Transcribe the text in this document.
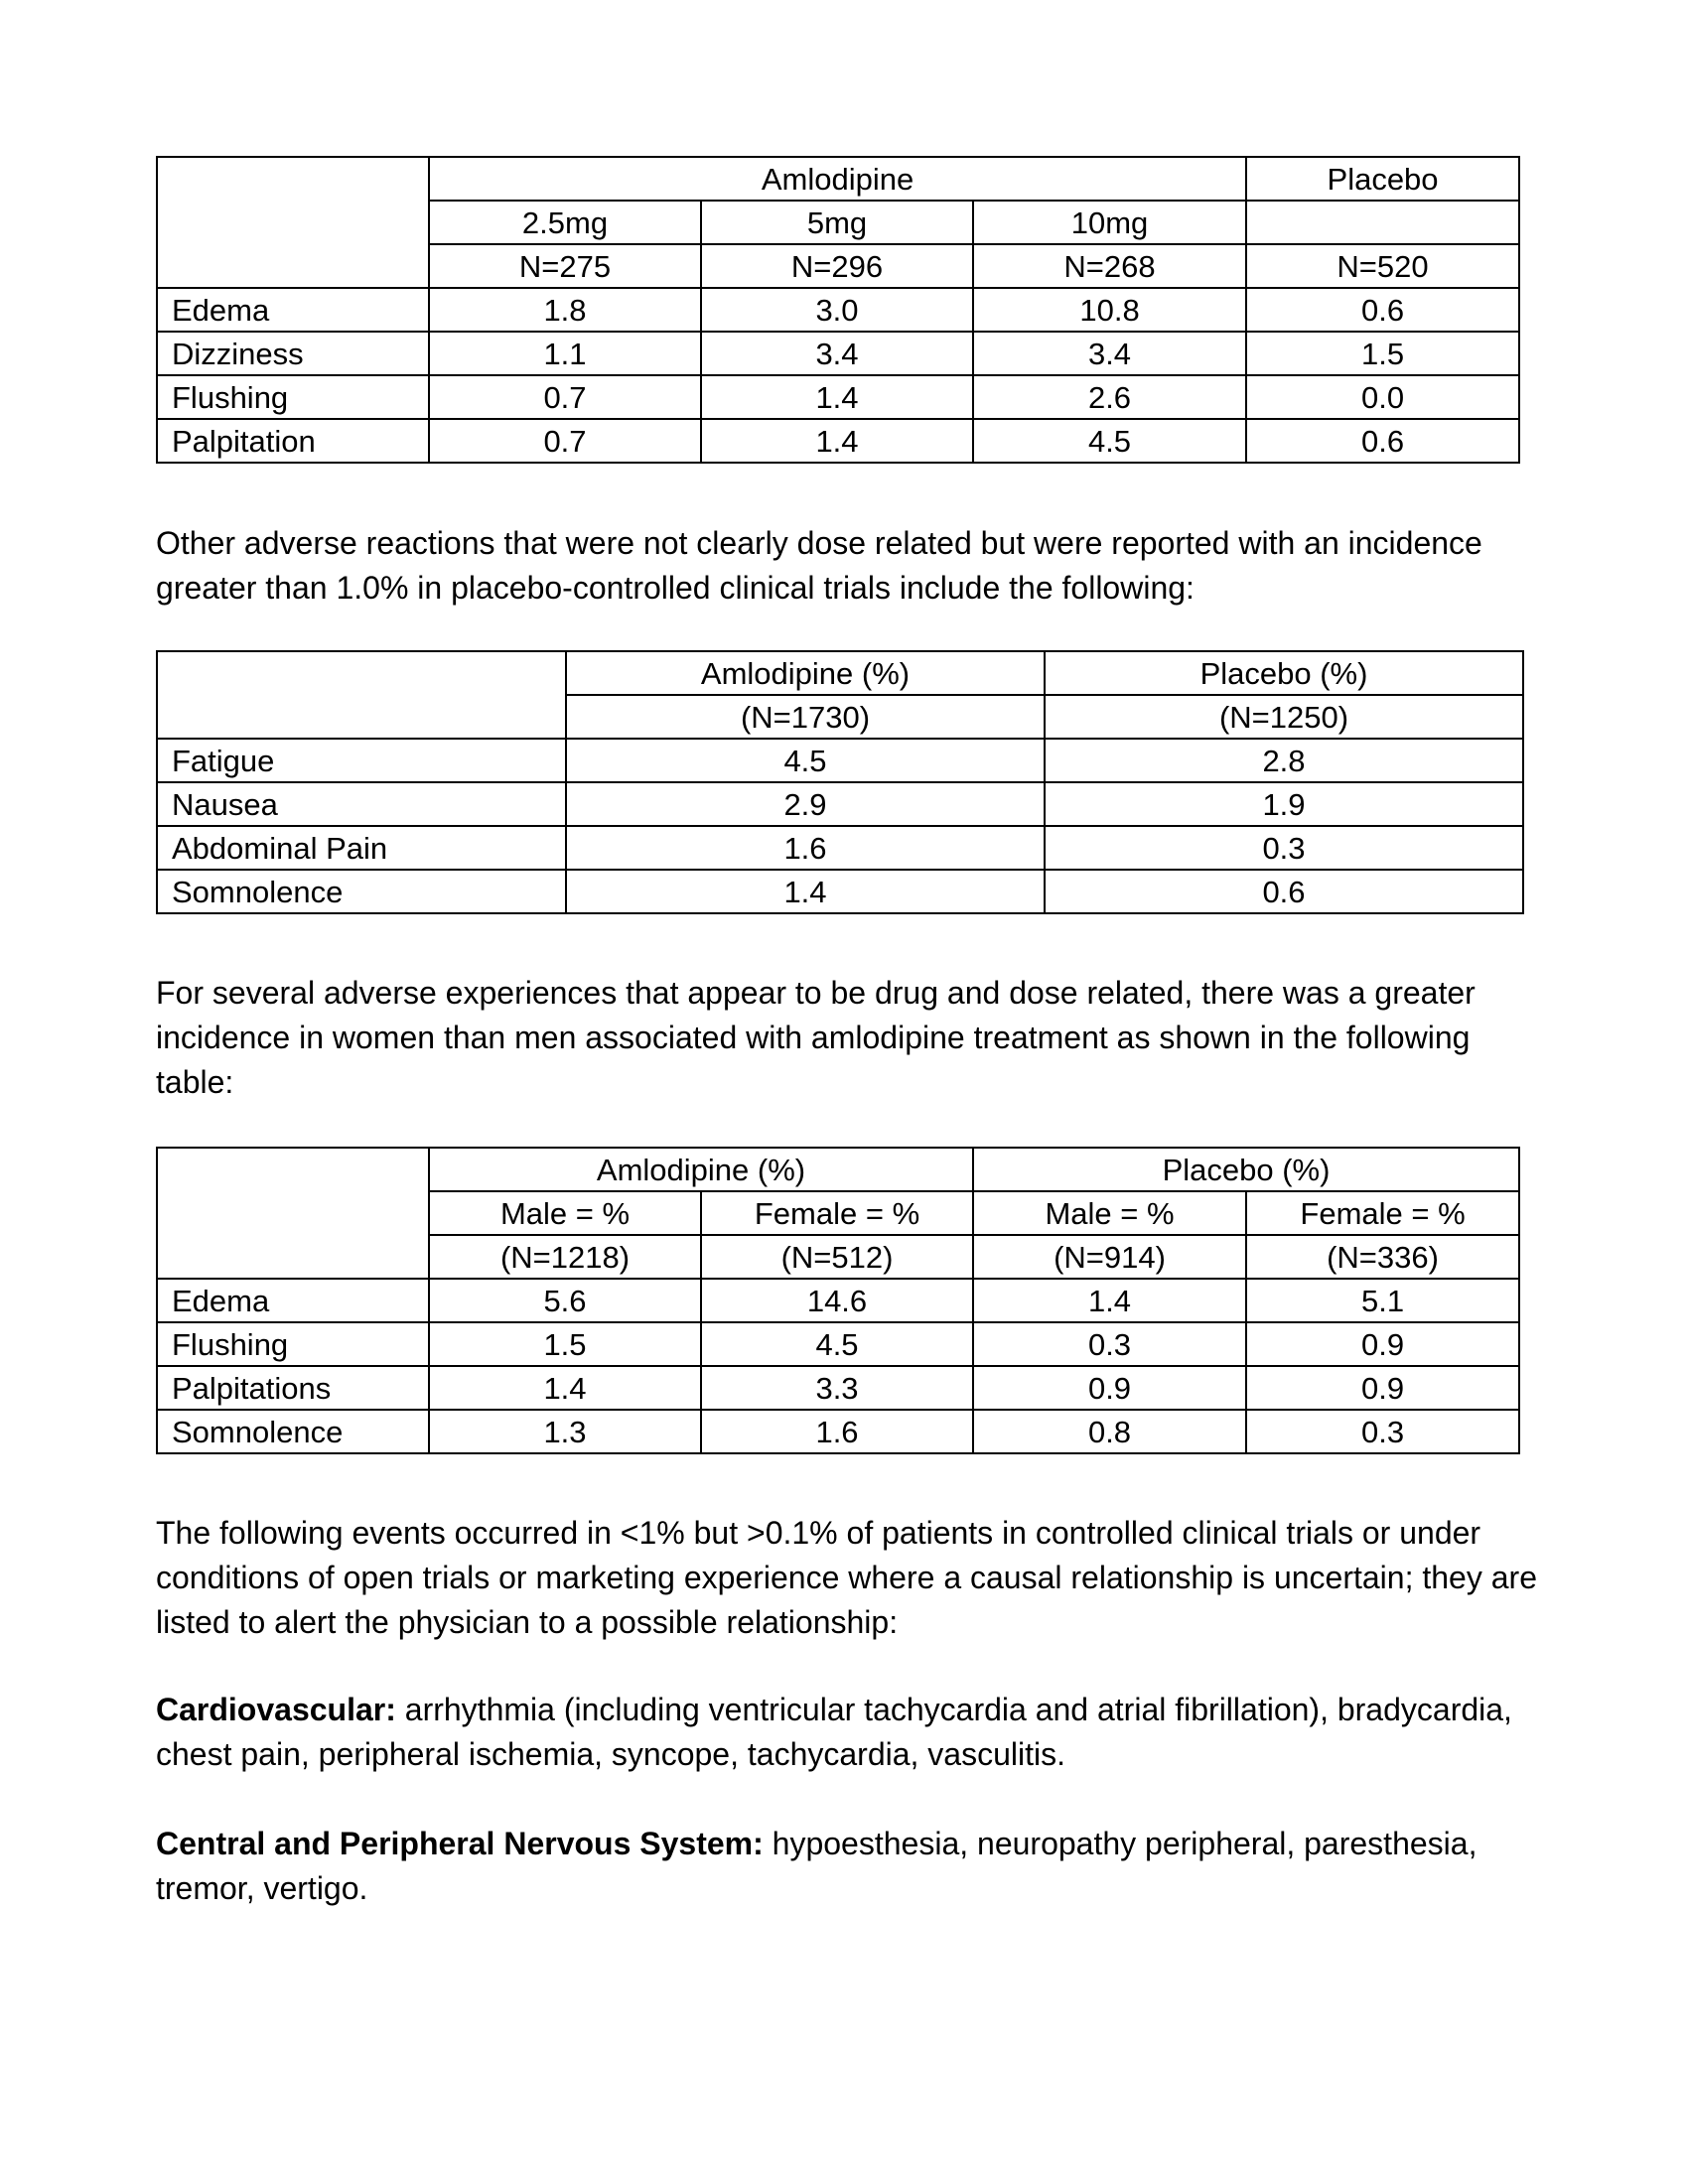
	Amlodipine			Placebo
	2.5mg	5mg	10mg	
	N=275	N=296	N=268	N=520
Edema	1.8	3.0	10.8	0.6
Dizziness	1.1	3.4	3.4	1.5
Flushing	0.7	1.4	2.6	0.0
Palpitation	0.7	1.4	4.5	0.6

Other adverse reactions that were not clearly dose related but were reported with an incidence greater than 1.0% in placebo-controlled clinical trials include the following:

	Amlodipine (%)	Placebo (%)
	(N=1730)	(N=1250)
Fatigue	4.5	2.8
Nausea	2.9	1.9
Abdominal Pain	1.6	0.3
Somnolence	1.4	0.6

For several adverse experiences that appear to be drug and dose related, there was a greater incidence in women than men associated with amlodipine treatment as shown in the following table:

	Amlodipine (%)		Placebo (%)	
	Male = %	Female = %	Male = %	Female = %
	(N=1218)	(N=512)	(N=914)	(N=336)
Edema	5.6	14.6	1.4	5.1
Flushing	1.5	4.5	0.3	0.9
Palpitations	1.4	3.3	0.9	0.9
Somnolence	1.3	1.6	0.8	0.3

The following events occurred in <1% but >0.1% of patients in controlled clinical trials or under conditions of open trials or marketing experience where a causal relationship is uncertain; they are listed to alert the physician to a possible relationship:

Cardiovascular: arrhythmia (including ventricular tachycardia and atrial fibrillation), bradycardia, chest pain, peripheral ischemia, syncope, tachycardia, vasculitis.

Central and Peripheral Nervous System: hypoesthesia, neuropathy peripheral, paresthesia, tremor, vertigo.
